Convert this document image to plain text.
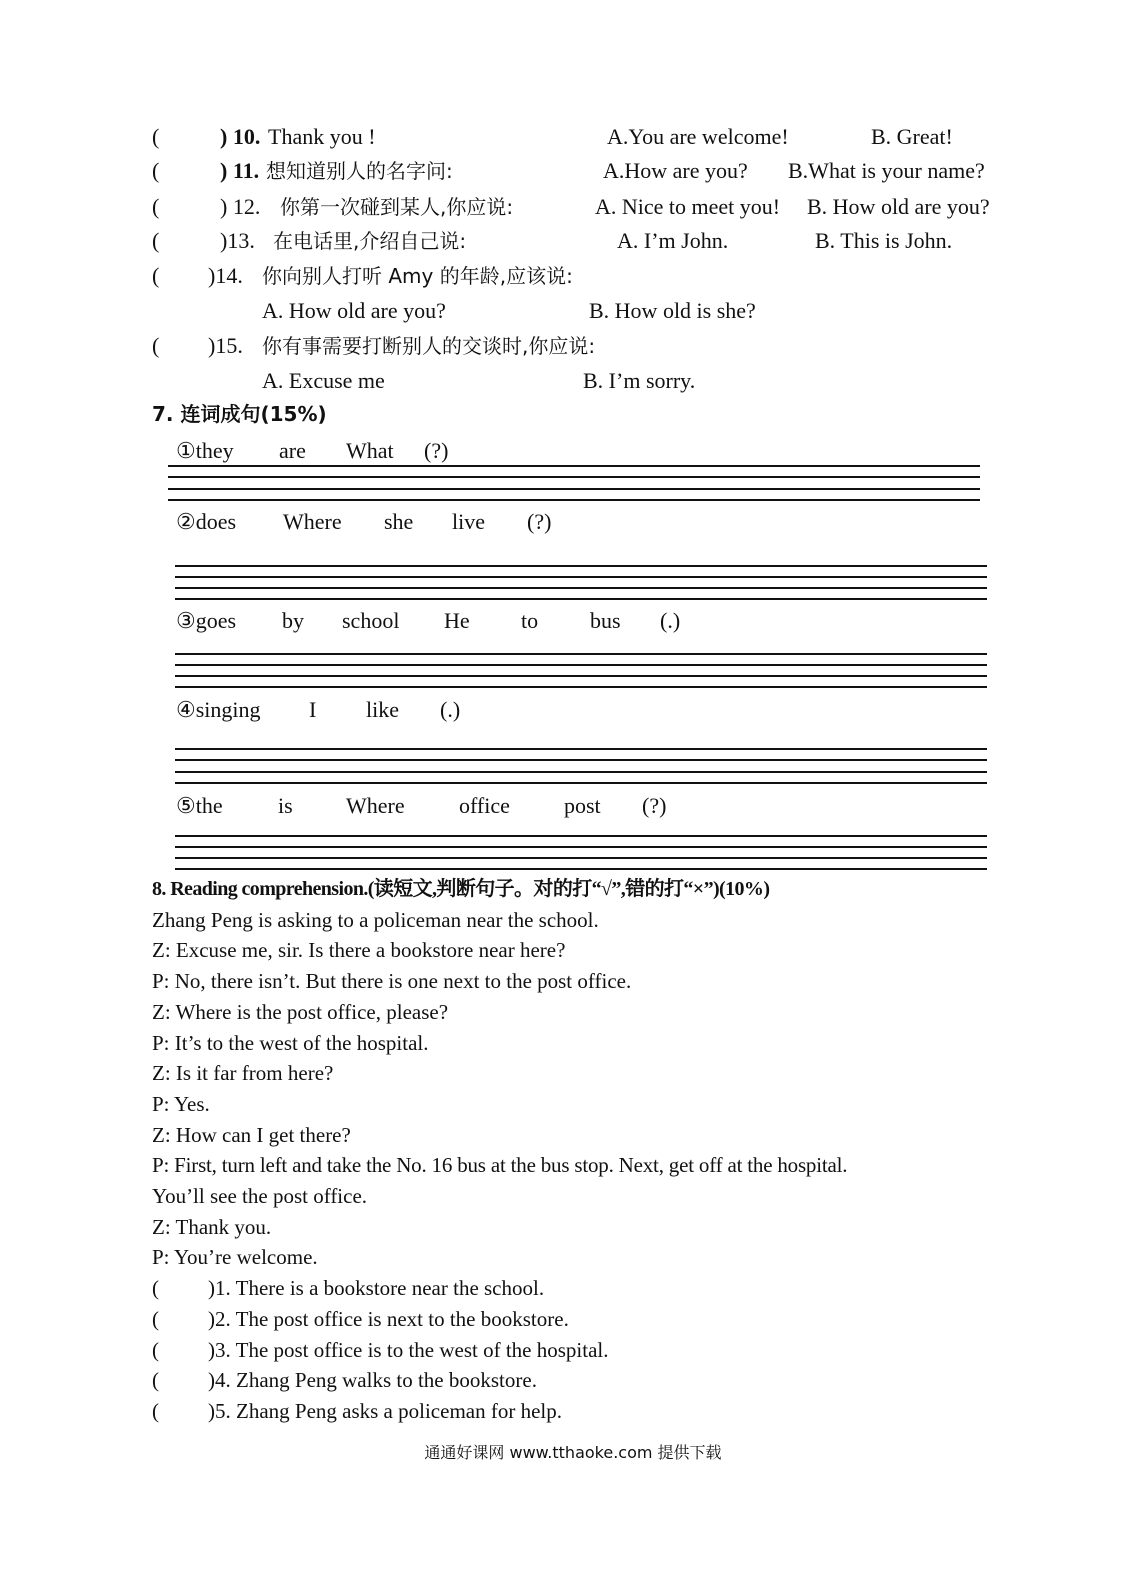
(	) 10. Thank you !	A.You are welcome!	B. Great!
(	) 11. 想知道别人的名字问:	A.How are you? B.What is your name?
(	) 12. 你第一次碰到某人,你应说:	A. Nice to meet you! B. How old are you?
(	)13. 在电话里,介绍自己说:	A. I’m John.	B. This is John.
( )14. 你向别人打听 Amy 的年龄,应该说:
A. How old are you?	B. How old is she?
( )15. 你有事需要打断别人的交谈时,你应说:
A. Excuse me	B. I’m sorry.
7. 连词成句(15%)
①they are What (?)
②does Where she live (?)
③goes by school He to bus (.)
④singing I like (.)
⑤the	is Where office post (?)
8. Reading comprehension.(读短文,判断句子。对的打“√”,错的打“×”)(10%)
Zhang Peng is asking to a policeman near the school.
Z: Excuse me, sir. Is there a bookstore near here?
P: No, there isn’t. But there is one next to the post office.
Z: Where is the post office, please?
P: It’s to the west of the hospital.
Z: Is it far from here?
P: Yes.
Z: How can I get there?
P: First, turn left and take the No. 16 bus at the bus stop. Next, get off at the hospital.
You’ll see the post office.
Z: Thank you.
P: You’re welcome.
( )1. There is a bookstore near the school.
( )2. The post office is next to the bookstore.
( )3. The post office is to the west of the hospital.
( )4. Zhang Peng walks to the bookstore.
( )5. Zhang Peng asks a policeman for help.
通通好课网 www.tthaoke.com 提供下载
